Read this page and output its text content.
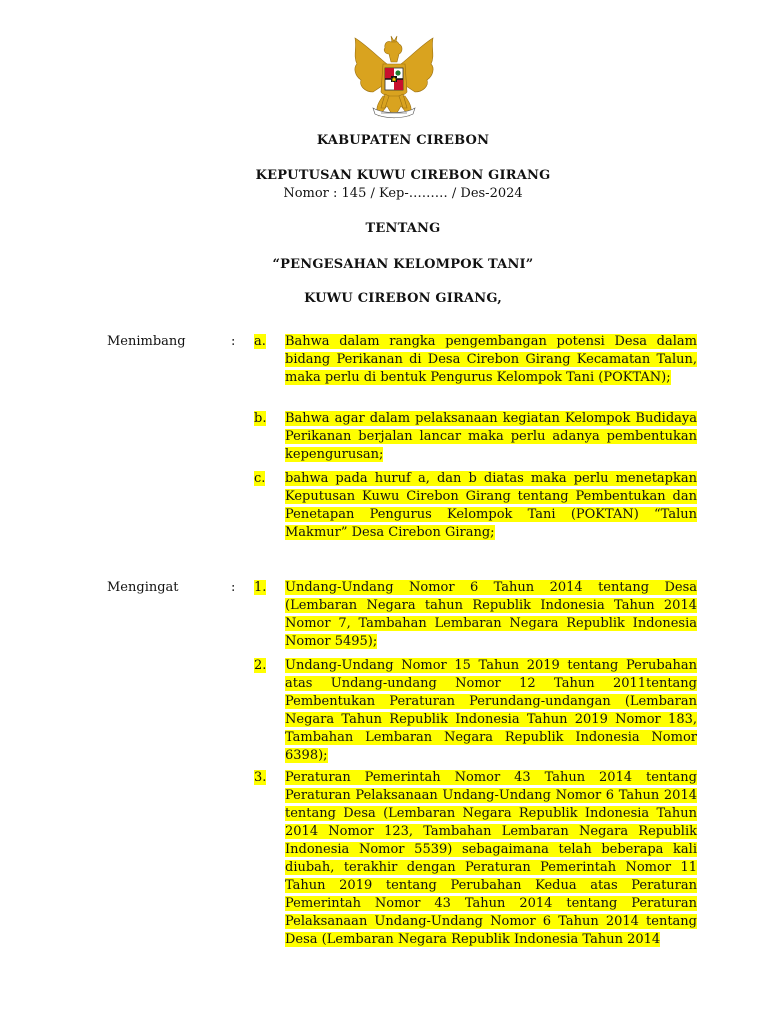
KABUPATEN CIREBON
KEPUTUSAN KUWU CIREBON GIRANG
Nomor : 145 / Kep-……… / Des-2024
TENTANG
“PENGESAHAN KELOMPOK TANI”
KUWU CIREBON GIRANG,
Menimbang	: a. Bahwa dalam rangka pengembangan potensi Desa dalam bidang Perikanan di Desa Cirebon Girang Kecamatan Talun, maka perlu di bentuk Pengurus Kelompok Tani (POKTAN);
b. Bahwa agar dalam pelaksanaan kegiatan Kelompok Budidaya Perikanan berjalan lancar maka perlu adanya pembentukan kepengurusan;
c. bahwa pada huruf a, dan b diatas maka perlu menetapkan Keputusan Kuwu Cirebon Girang tentang Pembentukan dan Penetapan Pengurus Kelompok Tani (POKTAN) “Talun Makmur” Desa Cirebon Girang;
Mengingat	: 1. Undang-Undang Nomor 6 Tahun 2014 tentang Desa (Lembaran Negara tahun Republik Indonesia Tahun 2014 Nomor 7, Tambahan Lembaran Negara Republik Indonesia Nomor 5495);
2. Undang-Undang Nomor 15 Tahun 2019 tentang Perubahan atas Undang-undang Nomor 12 Tahun 2011tentang Pembentukan Peraturan Perundang-undangan (Lembaran Negara Tahun Republik Indonesia Tahun 2019 Nomor 183, Tambahan Lembaran Negara Republik Indonesia Nomor 6398);
3. Peraturan Pemerintah Nomor 43 Tahun 2014 tentang Peraturan Pelaksanaan Undang-Undang Nomor 6 Tahun 2014 tentang Desa (Lembaran Negara Republik Indonesia Tahun 2014 Nomor 123, Tambahan Lembaran Negara Republik Indonesia Nomor 5539) sebagaimana telah beberapa kali diubah, terakhir dengan Peraturan Pemerintah Nomor 11 Tahun 2019 tentang Perubahan Kedua atas Peraturan Pemerintah Nomor 43 Tahun 2014 tentang Peraturan Pelaksanaan Undang-Undang Nomor 6 Tahun 2014 tentang Desa (Lembaran Negara Republik Indonesia Tahun 2014
